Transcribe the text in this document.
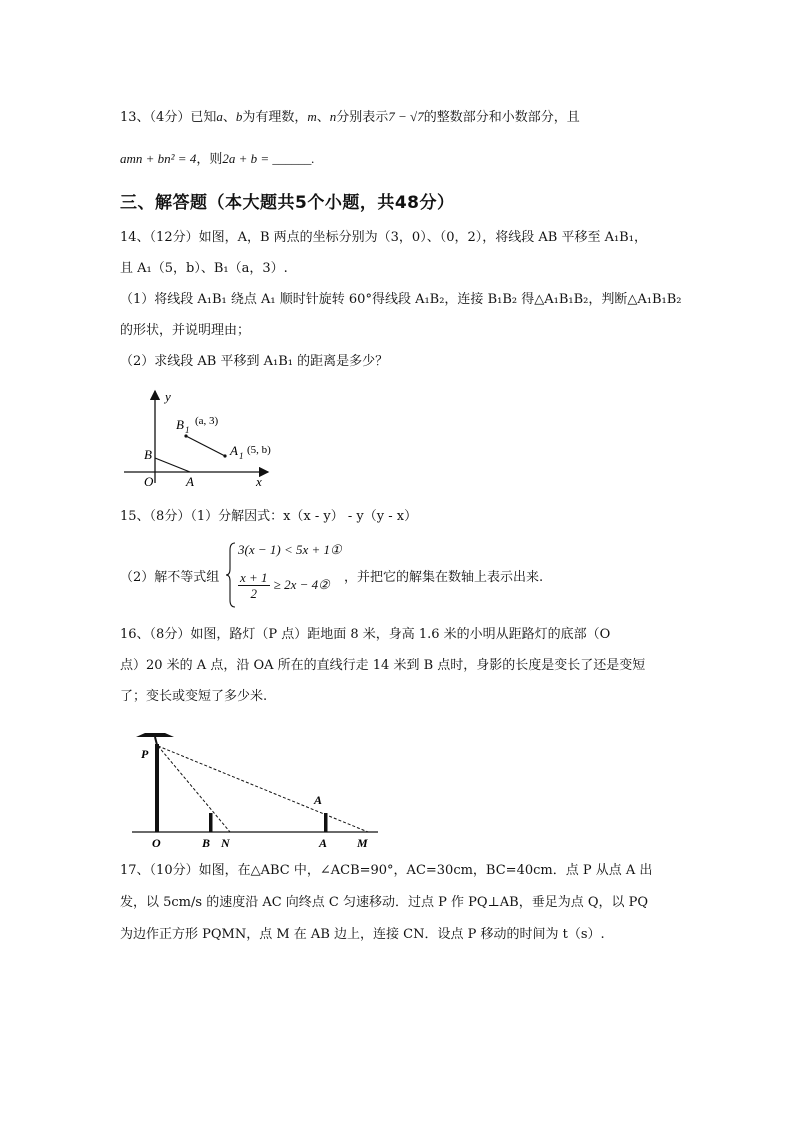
13、（4分）已知a、b为有理数，m、n分别表示7 − √7的整数部分和小数部分，且
amn + bn² = 4，则2a + b = ______.
三、解答题（本大题共5个小题，共48分）
14、（12分）如图，A，B 两点的坐标分别为（3，0）、（0，2），将线段 AB 平移至 A₁B₁，
且 A₁（5，b）、B₁（a，3）.
（1）将线段 A₁B₁ 绕点 A₁ 顺时针旋转 60°得线段 A₁B₂，连接 B₁B₂ 得△A₁B₁B₂，判断△A₁B₁B₂
的形状，并说明理由；
（2）求线段 AB 平移到 A₁B₁ 的距离是多少？
y
x
O
B
A
B 1
(a, 3)
A 1 (5, b)
15、（8分）（1）分解因式：x（x - y） - y（y - x）
（2）解不等式组
3(x − 1) < 5x + 1①
$\frac{x + 1}{2} \ge 2x$ − 4② ，并把它的解集在数轴上表示出来.
16、（8分）如图，路灯（P 点）距地面 8 米，身高 1.6 米的小明从距路灯的底部（O
点）20 米的 A 点，沿 OA 所在的直线行走 14 米到 B 点时，身影的长度是变长了还是变短
了；变长或变短了多少米.
P
A
O	B N	A M
17、（10分）如图，在△ABC 中，∠ACB=90°，AC=30cm，BC=40cm．点 P 从点 A 出
发，以 5cm/s 的速度沿 AC 向终点 C 匀速移动．过点 P 作 PQ⊥AB，垂足为点 Q，以 PQ
为边作正方形 PQMN，点 M 在 AB 边上，连接 CN．设点 P 移动的时间为 t（s）.
